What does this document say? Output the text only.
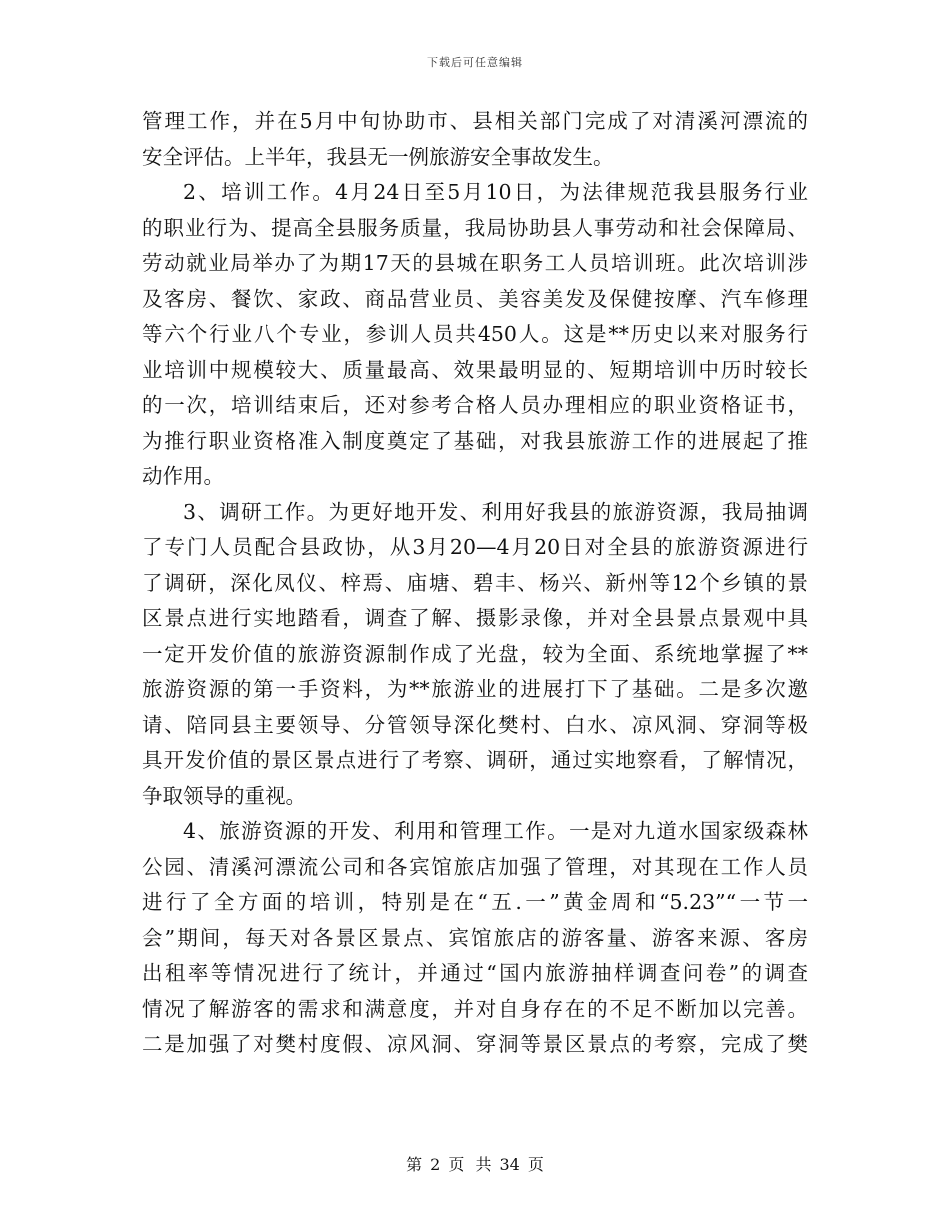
下载后可任意编辑
管理工作，并在5月中旬协助市、县相关部门完成了对清溪河漂流的
安全评估。上半年，我县无一例旅游安全事故发生。
2、培训工作。4月24日至5月10日，为法律规范我县服务行业
的职业行为、提高全县服务质量，我局协助县人事劳动和社会保障局、
劳动就业局举办了为期17天的县城在职务工人员培训班。此次培训涉
及客房、餐饮、家政、商品营业员、美容美发及保健按摩、汽车修理
等六个行业八个专业，参训人员共450人。这是**历史以来对服务行
业培训中规模较大、质量最高、效果最明显的、短期培训中历时较长
的一次，培训结束后，还对参考合格人员办理相应的职业资格证书，
为推行职业资格准入制度奠定了基础，对我县旅游工作的进展起了推
动作用。
3、调研工作。为更好地开发、利用好我县的旅游资源，我局抽调
了专门人员配合县政协，从3月20—4月20日对全县的旅游资源进行
了调研，深化凤仪、梓焉、庙塘、碧丰、杨兴、新州等12个乡镇的景
区景点进行实地踏看，调查了解、摄影录像，并对全县景点景观中具
一定开发价值的旅游资源制作成了光盘，较为全面、系统地掌握了**
旅游资源的第一手资料，为**旅游业的进展打下了基础。二是多次邀
请、陪同县主要领导、分管领导深化樊村、白水、凉风洞、穿洞等极
具开发价值的景区景点进行了考察、调研，通过实地察看，了解情况，
争取领导的重视。
4、旅游资源的开发、利用和管理工作。一是对九道水国家级森林
公园、清溪河漂流公司和各宾馆旅店加强了管理，对其现在工作人员
进行了全方面的培训，特别是在“五.一”黄金周和“5.23”“一节一
会”期间，每天对各景区景点、宾馆旅店的游客量、游客来源、客房
出租率等情况进行了统计，并通过“国内旅游抽样调查问卷”的调查
情况了解游客的需求和满意度，并对自身存在的不足不断加以完善。
二是加强了对樊村度假、凉风洞、穿洞等景区景点的考察，完成了樊
第 2 页 共 34 页
